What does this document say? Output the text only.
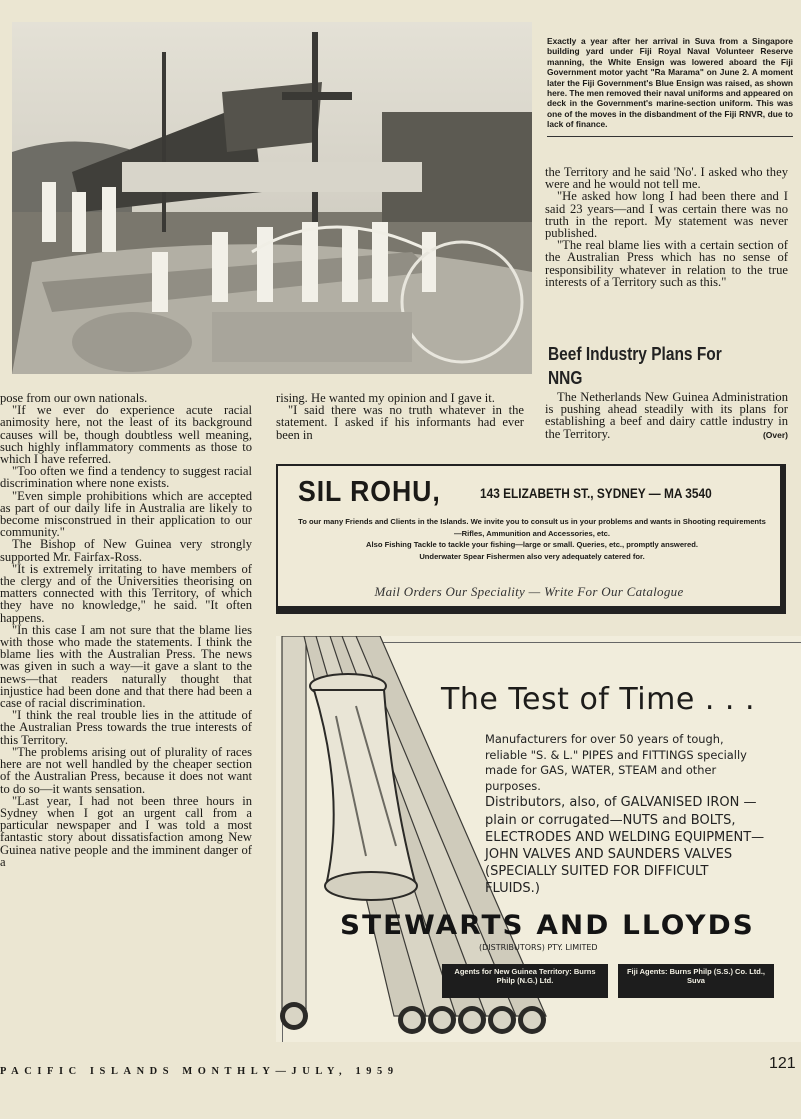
Exactly a year after her arrival in Suva from a Singapore building yard under Fiji Royal Naval Volunteer Reserve manning, the White Ensign was lowered aboard the Fiji Government motor yacht "Ra Marama" on June 2. A moment later the Fiji Government's Blue Ensign was raised, as shown here. The men removed their naval uniforms and appeared on deck in the Government's marine-section uniform. This was one of the moves in the disbandment of the Fiji RNVR, due to lack of finance.

the Territory and he said 'No'. I asked who they were and he would not tell me.

"He asked how long I had been there and I said 23 years—and I was certain there was no truth in the report. My statement was never published.

"The real blame lies with a certain section of the Australian Press which has no sense of responsibility whatever in relation to the true interests of a Territory such as this."

Beef Industry Plans For NNG

The Netherlands New Guinea Administration is pushing ahead steadily with its plans for establishing a beef and dairy cattle industry in the Territory.	(Over)

rising. He wanted my opinion and I gave it.

"I said there was no truth whatever in the statement. I asked if his informants had ever been in

pose from our own nationals.

"If we ever do experience acute racial animosity here, not the least of its background causes will be, though doubtless well meaning, such highly inflammatory comments as those to which I have referred.

"Too often we find a tendency to suggest racial discrimination where none exists.

"Even simple prohibitions which are accepted as part of our daily life in Australia are likely to become misconstrued in their application to our community."

The Bishop of New Guinea very strongly supported Mr. Fairfax-Ross.

"It is extremely irritating to have members of the clergy and of the Universities theorising on matters connected with this Territory, of which they have no knowledge," he said. "It often happens.

"In this case I am not sure that the blame lies with those who made the statements. I think the blame lies with the Australian Press. The news was given in such a way—it gave a slant to the news—that readers naturally thought that injustice had been done and that there had been a case of racial discrimination.

"I think the real trouble lies in the attitude of the Australian Press towards the true interests of this Territory.

"The problems arising out of plurality of races here are not well handled by the cheaper section of the Australian Press, because it does not want to do so—it wants sensation.

"Last year, I had not been three hours in Sydney when I got an urgent call from a particular newspaper and I was told a most fantastic story about dissatisfaction among New Guinea native people and the imminent danger of a

SIL ROHU,	143 ELIZABETH ST., SYDNEY — MA 3540
To our many Friends and Clients in the Islands. We invite you to consult us in your problems and wants in Shooting requirements—Rifles, Ammunition and Accessories, etc.
Also Fishing Tackle to tackle your fishing—large or small. Queries, etc., promptly answered.
Underwater Spear Fishermen also very adequately catered for.
Mail Orders Our Speciality — Write For Our Catalogue
The Test of Time . . .
Manufacturers for over 50 years of tough, reliable "S. & L." PIPES and FITTINGS specially made for GAS, WATER, STEAM and other purposes.
Distributors, also, of GALVANISED IRON —plain or corrugated—NUTS and BOLTS, ELECTRODES AND WELDING EQUIPMENT—JOHN VALVES AND SAUNDERS VALVES (SPECIALLY SUITED FOR DIFFICULT FLUIDS.)
STEWARTS AND LLOYDS
(DISTRIBUTORS) PTY. LIMITED
Agents for New Guinea Territory: Burns Philp (N.G.) Ltd.
Fiji Agents: Burns Philp (S.S.) Co. Ltd., Suva
PACIFIC ISLANDS MONTHLY—JULY, 1959	121
